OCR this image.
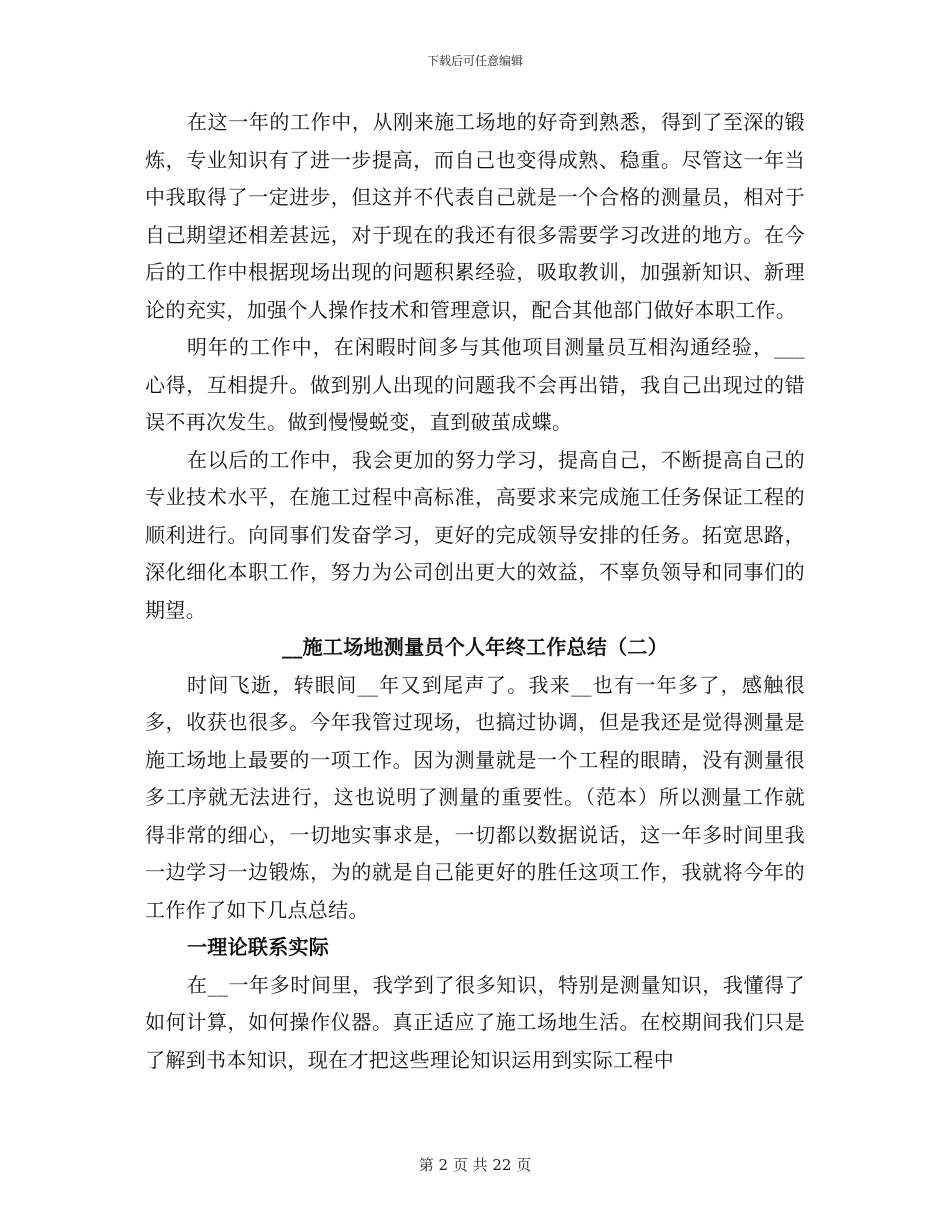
下载后可任意编辑

在这一年的工作中，从刚来施工场地的好奇到熟悉，得到了至深的锻炼，专业知识有了进一步提高，而自己也变得成熟、稳重。尽管这一年当中我取得了一定进步，但这并不代表自己就是一个合格的测量员，相对于自己期望还相差甚远，对于现在的我还有很多需要学习改进的地方。在今后的工作中根据现场出现的问题积累经验，吸取教训，加强新知识、新理论的充实，加强个人操作技术和管理意识，配合其他部门做好本职工作。

明年的工作中，在闲暇时间多与其他项目测量员互相沟通经验，___心得，互相提升。做到别人出现的问题我不会再出错，我自己出现过的错误不再次发生。做到慢慢蜕变，直到破茧成蝶。

在以后的工作中，我会更加的努力学习，提高自己，不断提高自己的专业技术水平，在施工过程中高标准，高要求来完成施工任务保证工程的顺利进行。向同事们发奋学习，更好的完成领导安排的任务。拓宽思路，深化细化本职工作，努力为公司创出更大的效益，不辜负领导和同事们的期望。

__施工场地测量员个人年终工作总结（二）

时间飞逝，转眼间__年又到尾声了。我来__也有一年多了，感触很多，收获也很多。今年我管过现场，也搞过协调，但是我还是觉得测量是施工场地上最要的一项工作。因为测量就是一个工程的眼睛，没有测量很多工序就无法进行，这也说明了测量的重要性。（范本）所以测量工作就得非常的细心，一切地实事求是，一切都以数据说话，这一年多时间里我一边学习一边锻炼，为的就是自己能更好的胜任这项工作，我就将今年的工作作了如下几点总结。

一理论联系实际

在__一年多时间里，我学到了很多知识，特别是测量知识，我懂得了如何计算，如何操作仪器。真正适应了施工场地生活。在校期间我们只是了解到书本知识，现在才把这些理论知识运用到实际工程中

第 2 页 共 22 页
